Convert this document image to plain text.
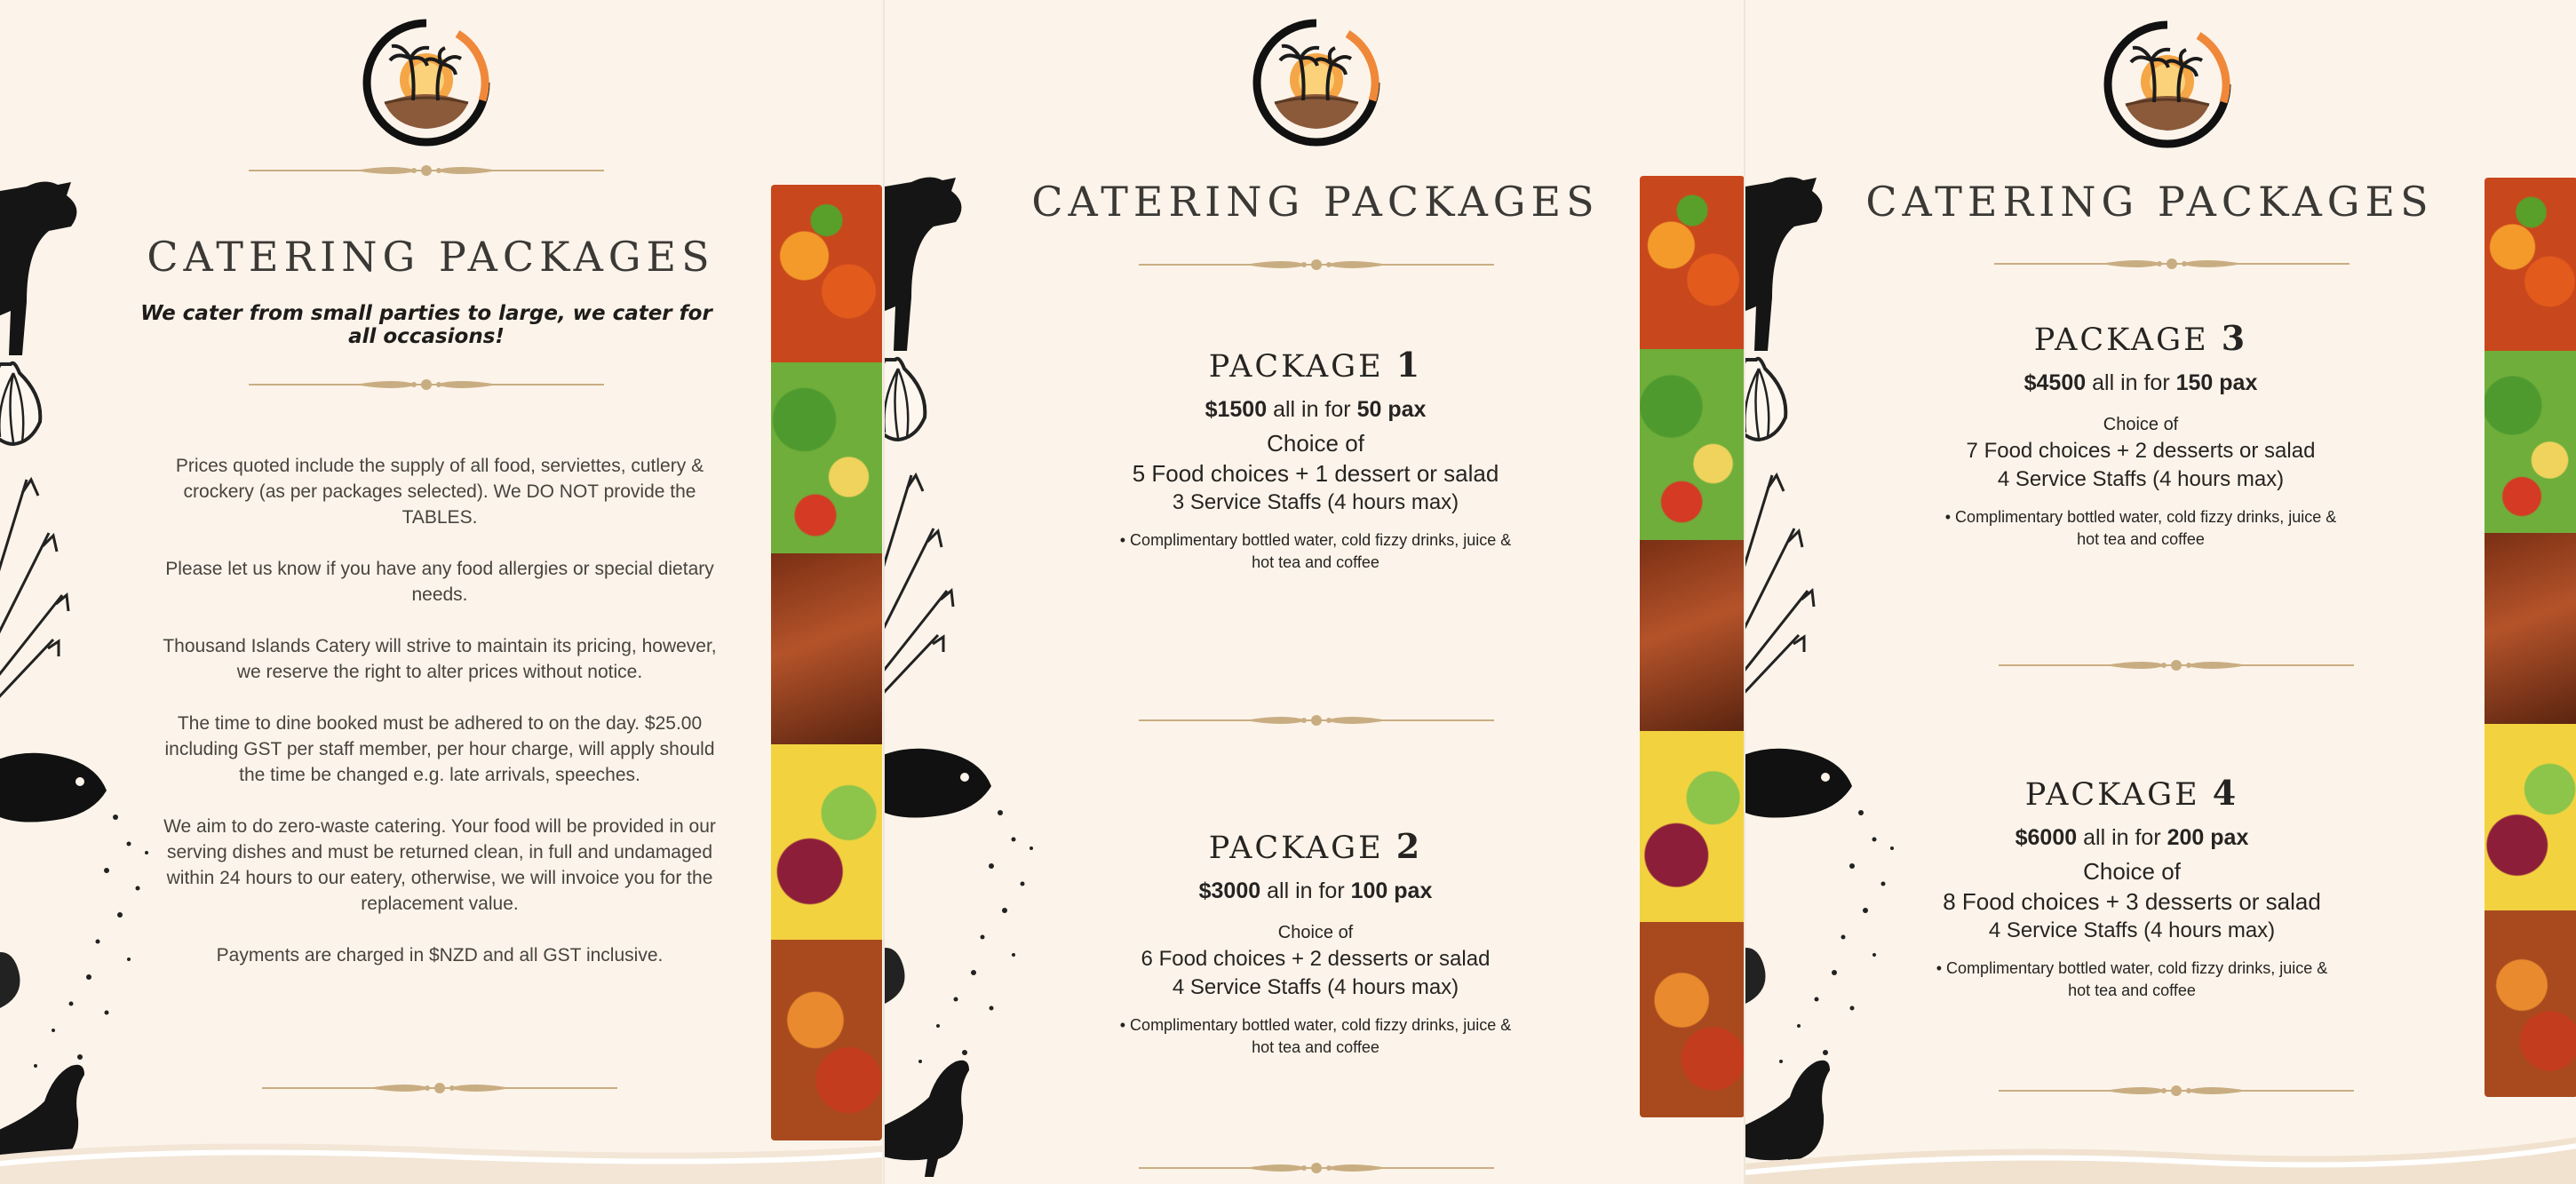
CATERING PACKAGES
We cater from small parties to large, we cater for all occasions!

Prices quoted include the supply of all food, serviettes, cutlery & crockery (as per packages selected). We DO NOT provide the TABLES.

Please let us know if you have any food allergies or special dietary needs.

Thousand Islands Catery will strive to maintain its pricing, however, we reserve the right to alter prices without notice.

The time to dine booked must be adhered to on the day. $25.00 including GST per staff member, per hour charge, will apply should the time be changed e.g. late arrivals, speeches.

We aim to do zero-waste catering. Your food will be provided in our serving dishes and must be returned clean, in full and undamaged within 24 hours to our eatery, otherwise, we will invoice you for the replacement value.

Payments are charged in $NZD and all GST inclusive.

CATERING PACKAGES
PACKAGE 1
$1500 all in for 50 pax
Choice of
5 Food choices + 1 dessert or salad
3 Service Staffs (4 hours max)
• Complimentary bottled water, cold fizzy drinks, juice & hot tea and coffee
PACKAGE 2
$3000 all in for 100 pax
Choice of
6 Food choices + 2 desserts or salad
4 Service Staffs (4 hours max)
• Complimentary bottled water, cold fizzy drinks, juice & hot tea and coffee
CATERING PACKAGES
PACKAGE 3
$4500 all in for 150 pax
Choice of
7 Food choices + 2 desserts or salad
4 Service Staffs (4 hours max)
• Complimentary bottled water, cold fizzy drinks, juice & hot tea and coffee
PACKAGE 4
$6000 all in for 200 pax
Choice of
8 Food choices + 3 desserts or salad
4 Service Staffs (4 hours max)
• Complimentary bottled water, cold fizzy drinks, juice & hot tea and coffee
